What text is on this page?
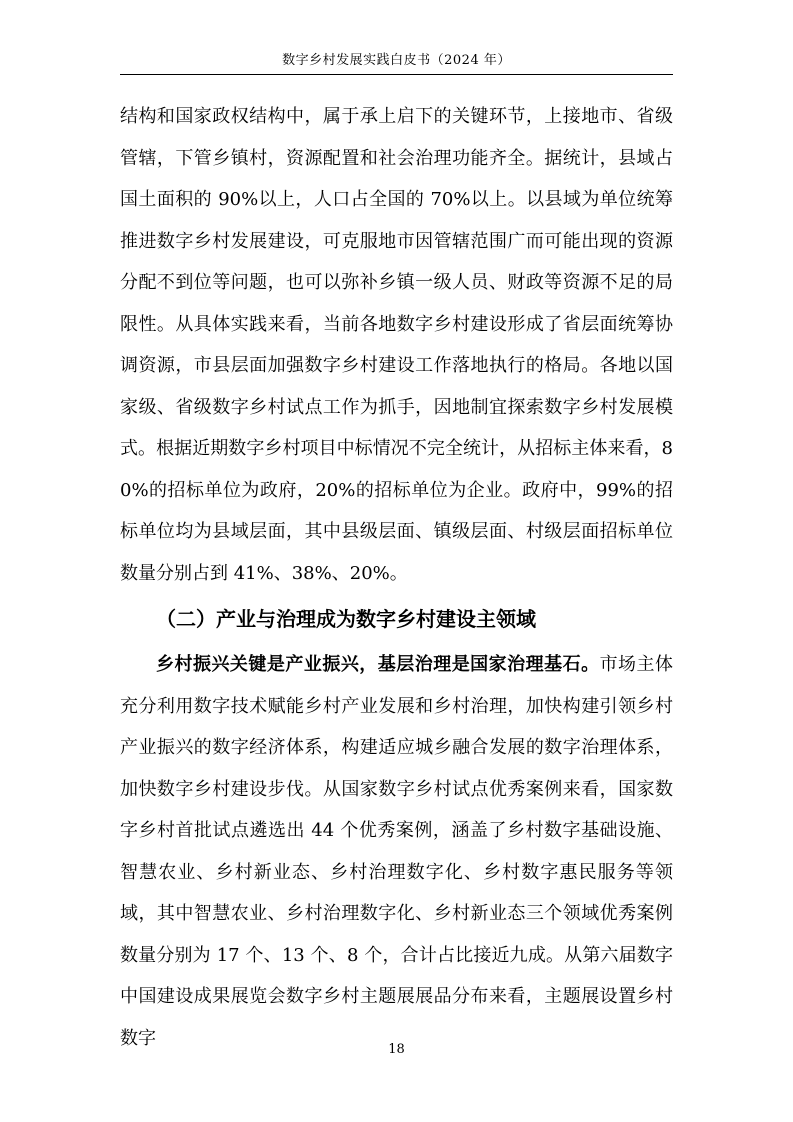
数字乡村发展实践白皮书（2024 年）

结构和国家政权结构中，属于承上启下的关键环节，上接地市、省级管辖，下管乡镇村，资源配置和社会治理功能齐全。据统计，县域占国土面积的 90%以上，人口占全国的 70%以上。以县域为单位统筹推进数字乡村发展建设，可克服地市因管辖范围广而可能出现的资源分配不到位等问题，也可以弥补乡镇一级人员、财政等资源不足的局限性。从具体实践来看，当前各地数字乡村建设形成了省层面统筹协调资源，市县层面加强数字乡村建设工作落地执行的格局。各地以国家级、省级数字乡村试点工作为抓手，因地制宜探索数字乡村发展模式。根据近期数字乡村项目中标情况不完全统计，从招标主体来看，80%的招标单位为政府，20%的招标单位为企业。政府中，99%的招标单位均为县域层面，其中县级层面、镇级层面、村级层面招标单位数量分别占到 41%、38%、20%。

（二）产业与治理成为数字乡村建设主领域

乡村振兴关键是产业振兴，基层治理是国家治理基石。市场主体充分利用数字技术赋能乡村产业发展和乡村治理，加快构建引领乡村产业振兴的数字经济体系，构建适应城乡融合发展的数字治理体系，加快数字乡村建设步伐。从国家数字乡村试点优秀案例来看，国家数字乡村首批试点遴选出 44 个优秀案例，涵盖了乡村数字基础设施、智慧农业、乡村新业态、乡村治理数字化、乡村数字惠民服务等领域，其中智慧农业、乡村治理数字化、乡村新业态三个领域优秀案例数量分别为 17 个、13 个、8 个，合计占比接近九成。从第六届数字中国建设成果展览会数字乡村主题展展品分布来看，主题展设置乡村数字

18
